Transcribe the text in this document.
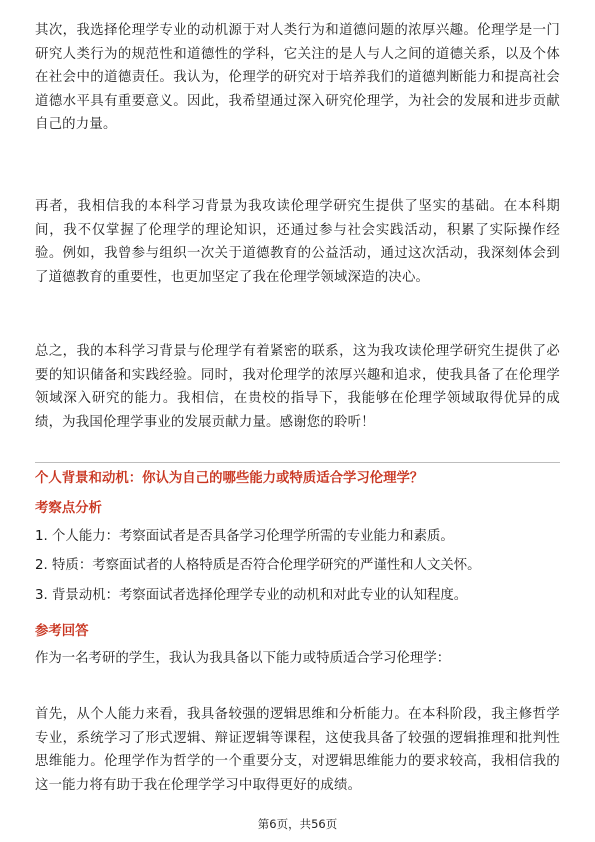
其次，我选择伦理学专业的动机源于对人类行为和道德问题的浓厚兴趣。伦理学是一门研究人类行为的规范性和道德性的学科，它关注的是人与人之间的道德关系，以及个体在社会中的道德责任。我认为，伦理学的研究对于培养我们的道德判断能力和提高社会道德水平具有重要意义。因此，我希望通过深入研究伦理学，为社会的发展和进步贡献自己的力量。

再者，我相信我的本科学习背景为我攻读伦理学研究生提供了坚实的基础。在本科期间，我不仅掌握了伦理学的理论知识，还通过参与社会实践活动，积累了实际操作经验。例如，我曾参与组织一次关于道德教育的公益活动，通过这次活动，我深刻体会到了道德教育的重要性，也更加坚定了我在伦理学领域深造的决心。

总之，我的本科学习背景与伦理学有着紧密的联系，这为我攻读伦理学研究生提供了必要的知识储备和实践经验。同时，我对伦理学的浓厚兴趣和追求，使我具备了在伦理学领域深入研究的能力。我相信，在贵校的指导下，我能够在伦理学领域取得优异的成绩，为我国伦理学事业的发展贡献力量。感谢您的聆听！

个人背景和动机：你认为自己的哪些能力或特质适合学习伦理学？

考察点分析

1. 个人能力：考察面试者是否具备学习伦理学所需的专业能力和素质。

2. 特质：考察面试者的人格特质是否符合伦理学研究的严谨性和人文关怀。

3. 背景动机：考察面试者选择伦理学专业的动机和对此专业的认知程度。

参考回答

作为一名考研的学生，我认为我具备以下能力或特质适合学习伦理学：

首先，从个人能力来看，我具备较强的逻辑思维和分析能力。在本科阶段，我主修哲学专业，系统学习了形式逻辑、辩证逻辑等课程，这使我具备了较强的逻辑推理和批判性思维能力。伦理学作为哲学的一个重要分支，对逻辑思维能力的要求较高，我相信我的这一能力将有助于我在伦理学学习中取得更好的成绩。

第6页，共56页
